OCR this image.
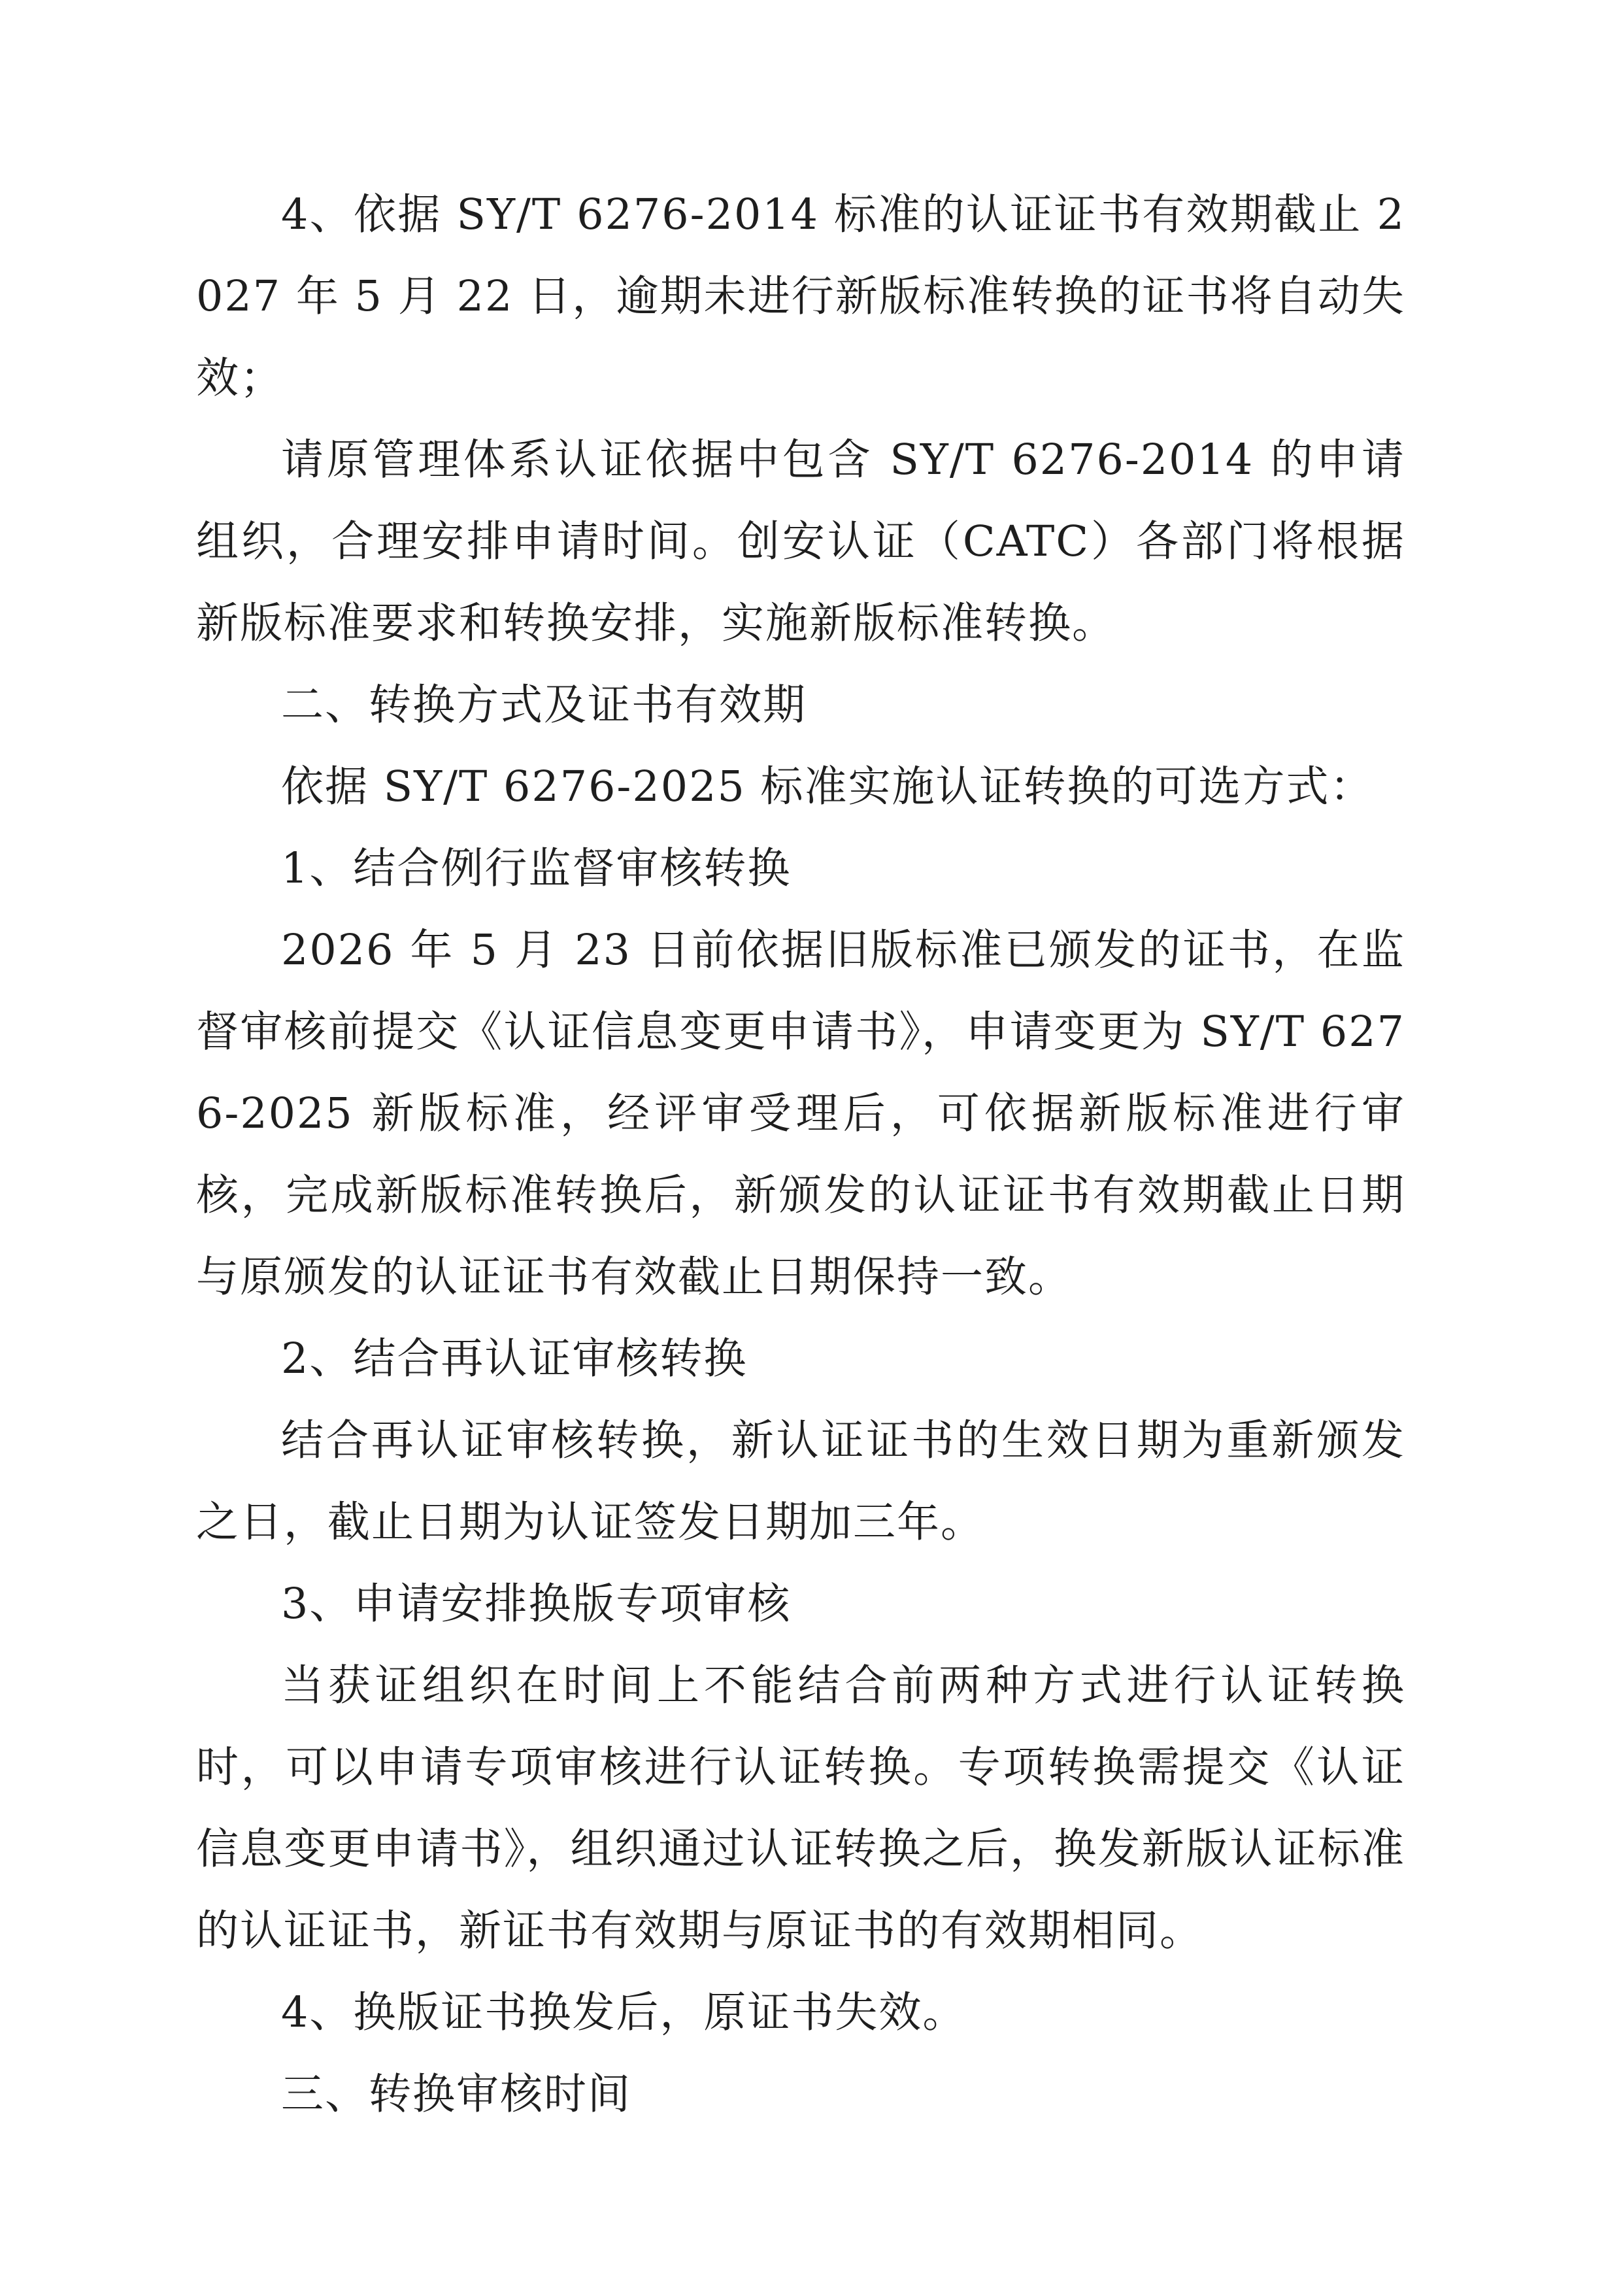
4、依据 SY/T 6276-2014 标准的认证证书有效期截止 2027 年 5 月 22 日，逾期未进行新版标准转换的证书将自动失效；

请原管理体系认证依据中包含 SY/T 6276-2014 的申请组织，合理安排申请时间。创安认证（CATC）各部门将根据新版标准要求和转换安排，实施新版标准转换。

二、转换方式及证书有效期

依据 SY/T 6276-2025 标准实施认证转换的可选方式：

1、结合例行监督审核转换

2026 年 5 月 23 日前依据旧版标准已颁发的证书，在监督审核前提交《认证信息变更申请书》，申请变更为 SY/T 6276-2025 新版标准，经评审受理后，可依据新版标准进行审核，完成新版标准转换后，新颁发的认证证书有效期截止日期与原颁发的认证证书有效截止日期保持一致。

2、结合再认证审核转换

结合再认证审核转换，新认证证书的生效日期为重新颁发之日，截止日期为认证签发日期加三年。

3、申请安排换版专项审核

当获证组织在时间上不能结合前两种方式进行认证转换时，可以申请专项审核进行认证转换。专项转换需提交《认证信息变更申请书》，组织通过认证转换之后，换发新版认证标准的认证证书，新证书有效期与原证书的有效期相同。

4、换版证书换发后，原证书失效。

三、转换审核时间
